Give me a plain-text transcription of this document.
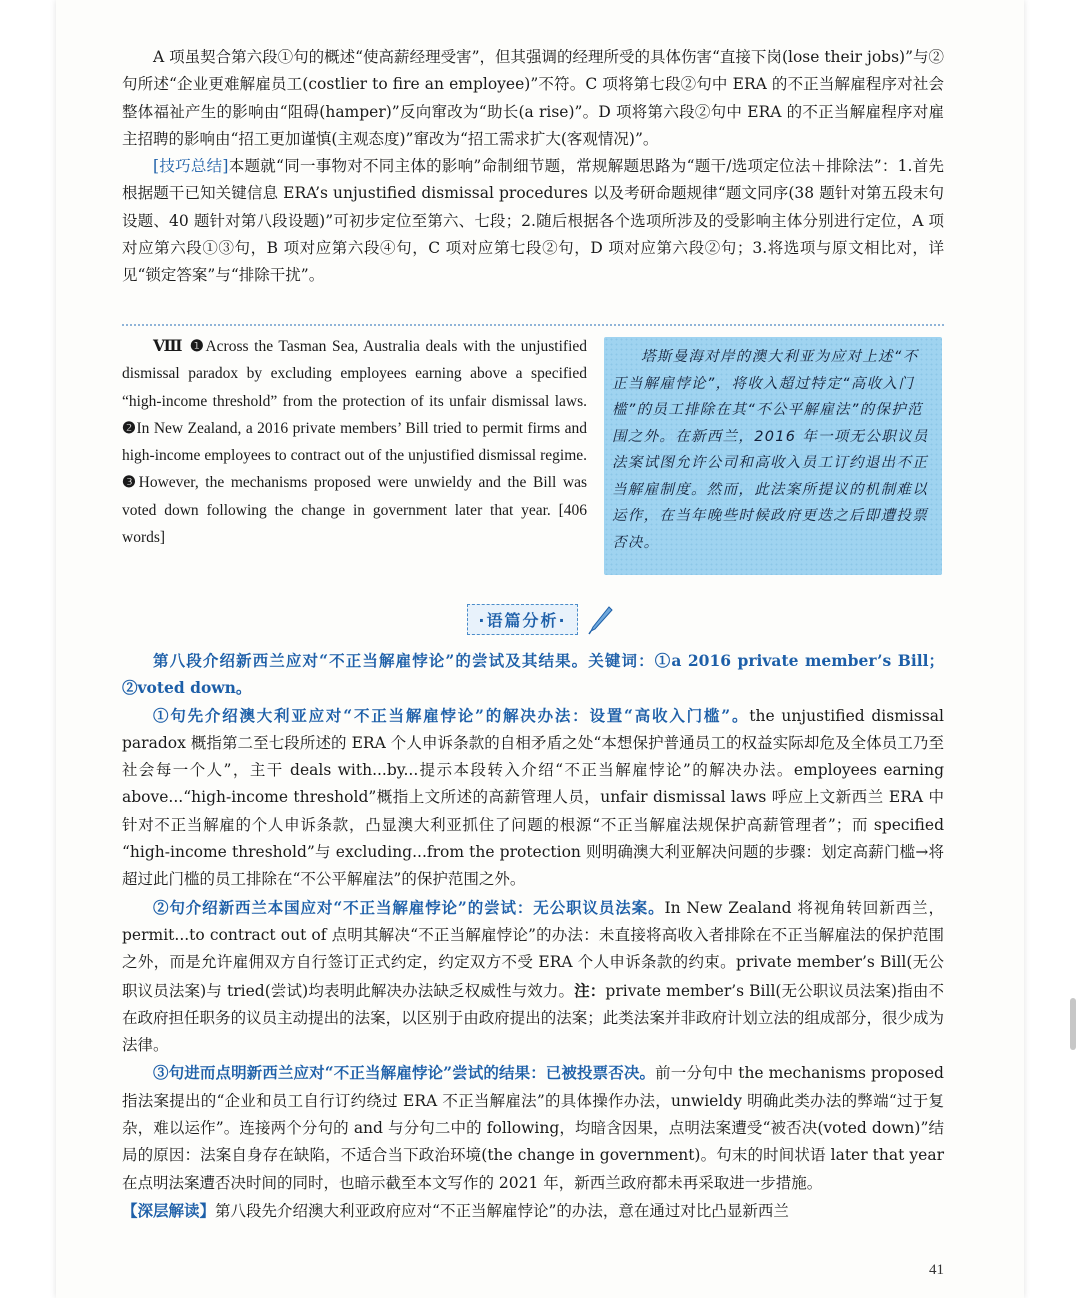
A 项虽契合第六段①句的概述“使高薪经理受害”，但其强调的经理所受的具体伤害“直接下岗(lose their jobs)”与②句所述“企业更难解雇员工(costlier to fire an employee)”不符。C 项将第七段②句中 ERA 的不正当解雇程序对社会整体福祉产生的影响由“阻碍(hamper)”反向窜改为“助长(a rise)”。D 项将第六段②句中 ERA 的不正当解雇程序对雇主招聘的影响由“招工更加谨慎(主观态度)”窜改为“招工需求扩大(客观情况)”。

[技巧总结]本题就“同一事物对不同主体的影响”命制细节题，常规解题思路为“题干/选项定位法＋排除法”：1.首先根据题干已知关键信息 ERA’s unjustified dismissal procedures 以及考研命题规律“题文同序(38 题针对第五段末句设题、40 题针对第八段设题)”可初步定位至第六、七段；2.随后根据各个选项所涉及的受影响主体分别进行定位，A 项对应第六段①③句，B 项对应第六段④句，C 项对应第七段②句，D 项对应第六段②句；3.将选项与原文相比对，详见“锁定答案”与“排除干扰”。

Ⅷ ❶Across the Tasman Sea, Australia deals with the unjustified dismissal paradox by excluding employees earning above a specified “high-income threshold” from the protection of its unfair dismissal laws. ❷In New Zealand, a 2016 private members’ Bill tried to permit firms and high-income employees to contract out of the unjustified dismissal regime. ❸However, the mechanisms proposed were unwieldy and the Bill was voted down following the change in government later that year. [406 words]

塔斯曼海对岸的澳大利亚为应对上述“不正当解雇悖论”，将收入超过特定“高收入门槛”的员工排除在其“不公平解雇法”的保护范围之外。在新西兰，2016 年一项无公职议员法案试图允许公司和高收入员工订约退出不正当解雇制度。然而，此法案所提议的机制难以运作，在当年晚些时候政府更迭之后即遭投票否决。
·语篇分析·

第八段介绍新西兰应对“不正当解雇悖论”的尝试及其结果。关键词：①a 2016 private member’s Bill；②voted down。

①句先介绍澳大利亚应对“不正当解雇悖论”的解决办法：设置“高收入门槛”。the unjustified dismissal paradox 概指第二至七段所述的 ERA 个人申诉条款的自相矛盾之处“本想保护普通员工的权益实际却危及全体员工乃至社会每一个人”，主干 deals with...by...提示本段转入介绍“不正当解雇悖论”的解决办法。employees earning above...“high-income threshold”概指上文所述的高薪管理人员，unfair dismissal laws 呼应上文新西兰 ERA 中针对不正当解雇的个人申诉条款，凸显澳大利亚抓住了问题的根源“不正当解雇法规保护高薪管理者”；而 specified “high-income threshold”与 excluding...from the protection 则明确澳大利亚解决问题的步骤：划定高薪门槛→将超过此门槛的员工排除在“不公平解雇法”的保护范围之外。

②句介绍新西兰本国应对“不正当解雇悖论”的尝试：无公职议员法案。In New Zealand 将视角转回新西兰，permit...to contract out of 点明其解决“不正当解雇悖论”的办法：未直接将高收入者排除在不正当解雇法的保护范围之外，而是允许雇佣双方自行签订正式约定，约定双方不受 ERA 个人申诉条款的约束。private member’s Bill(无公职议员法案)与 tried(尝试)均表明此解决办法缺乏权威性与效力。注：private member’s Bill(无公职议员法案)指由不在政府担任职务的议员主动提出的法案，以区别于由政府提出的法案；此类法案并非政府计划立法的组成部分，很少成为法律。

③句进而点明新西兰应对“不正当解雇悖论”尝试的结果：已被投票否决。前一分句中 the mechanisms proposed 指法案提出的“企业和员工自行订约绕过 ERA 不正当解雇法”的具体操作办法，unwieldy 明确此类办法的弊端“过于复杂，难以运作”。连接两个分句的 and 与分句二中的 following，均暗含因果，点明法案遭受“被否决(voted down)”结局的原因：法案自身存在缺陷，不适合当下政治环境(the change in government)。句末的时间状语 later that year 在点明法案遭否决时间的同时，也暗示截至本文写作的 2021 年，新西兰政府都未再采取进一步措施。

【深层解读】第八段先介绍澳大利亚政府应对“不正当解雇悖论”的办法，意在通过对比凸显新西兰

41
